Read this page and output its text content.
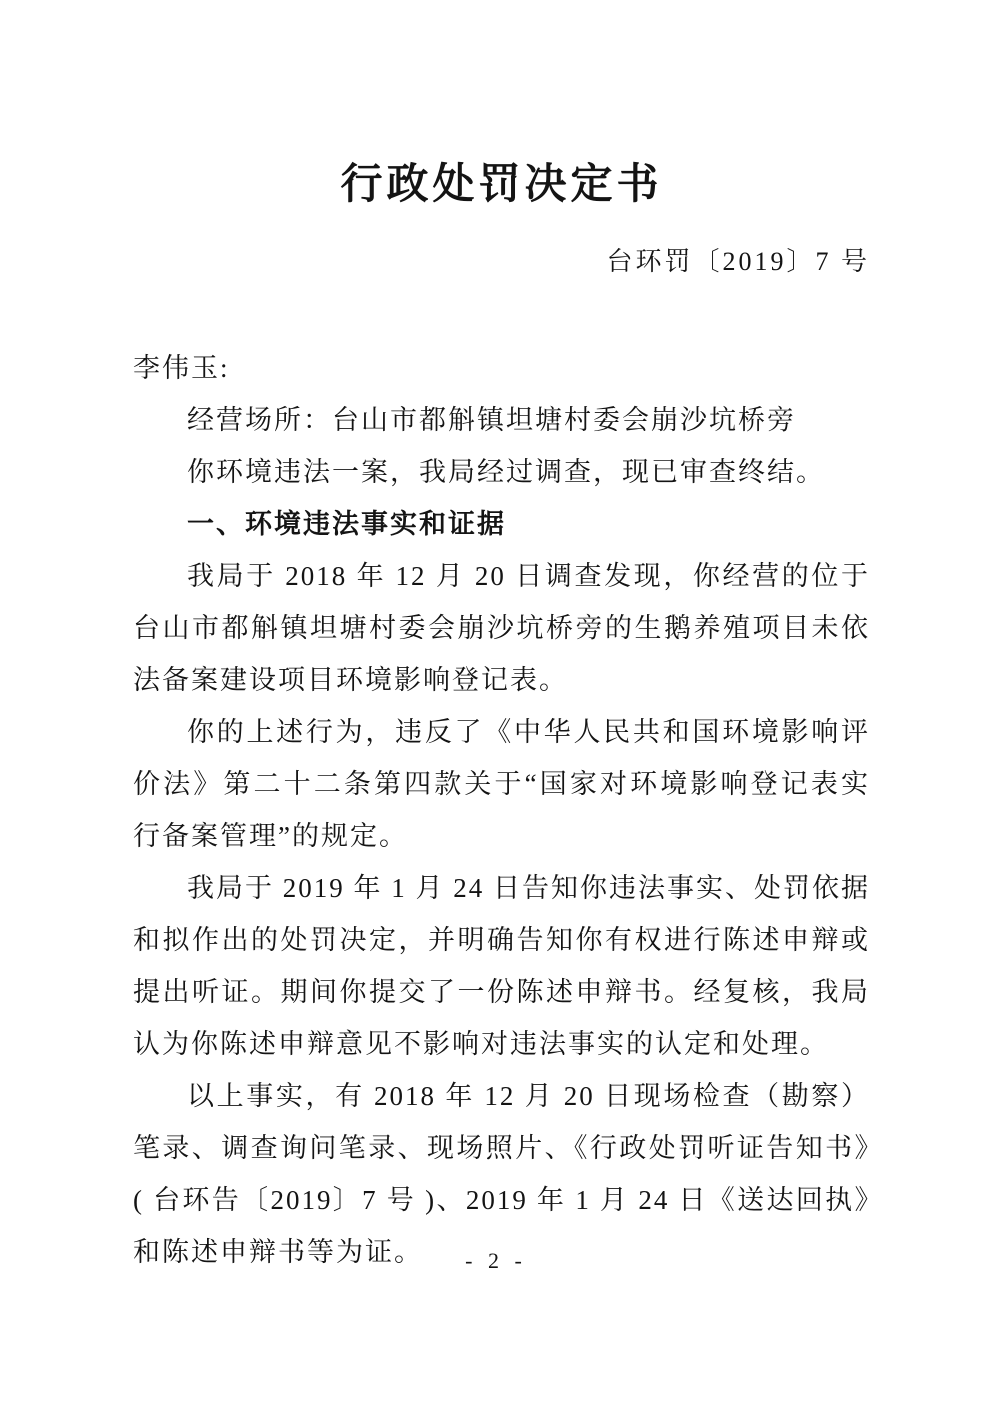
行政处罚决定书
台环罚〔2019〕7 号

李伟玉:

经营场所：台山市都斛镇坦塘村委会崩沙坑桥旁

你环境违法一案，我局经过调查，现已审查终结。

一、环境违法事实和证据

我局于 2018 年 12 月 20 日调查发现，你经营的位于台山市都斛镇坦塘村委会崩沙坑桥旁的生鹅养殖项目未依法备案建设项目环境影响登记表。

你的上述行为，违反了《中华人民共和国环境影响评价法》第二十二条第四款关于“国家对环境影响登记表实行备案管理”的规定。

我局于 2019 年 1 月 24 日告知你违法事实、处罚依据和拟作出的处罚决定，并明确告知你有权进行陈述申辩或提出听证。期间你提交了一份陈述申辩书。经复核，我局认为你陈述申辩意见不影响对违法事实的认定和处理。

以上事实，有 2018 年 12 月 20 日现场检查（勘察）笔录、调查询问笔录、现场照片、《行政处罚听证告知书》( 台环告〔2019〕7 号 )、2019 年 1 月 24 日《送达回执》和陈述申辩书等为证。	- 2 -
